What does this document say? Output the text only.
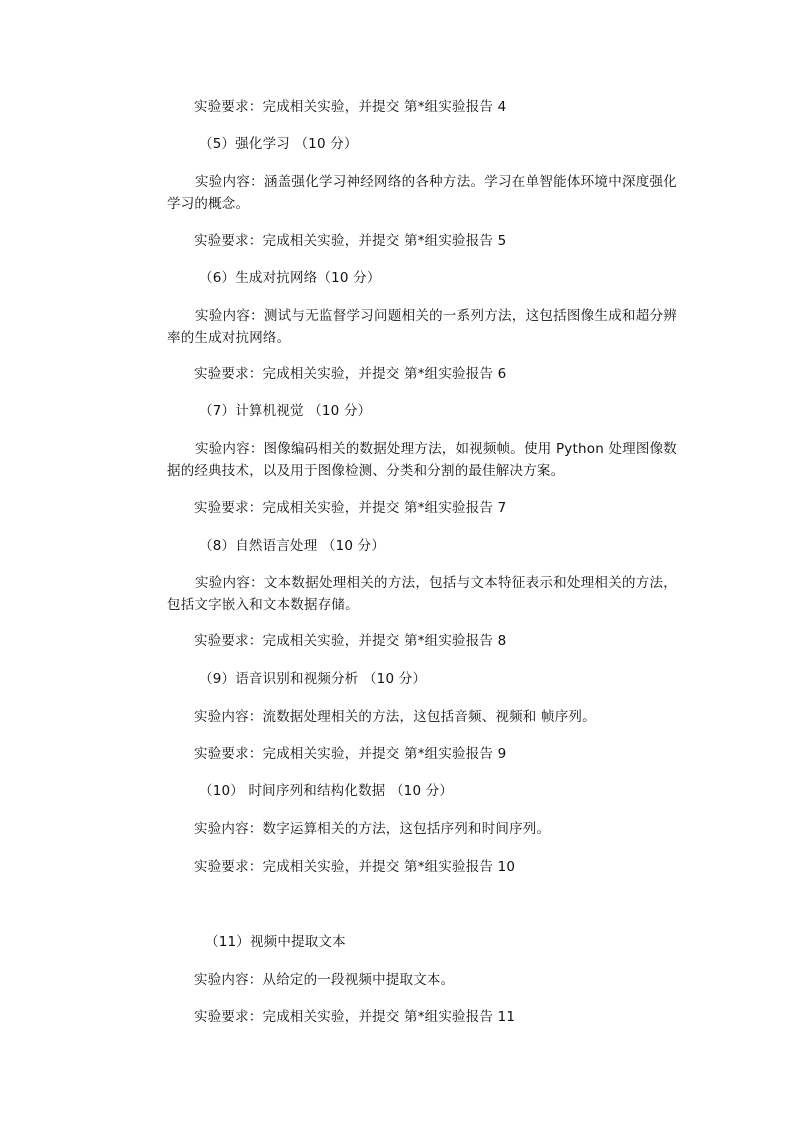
实验要求：完成相关实验，并提交 第*组实验报告 4
（5）强化学习 （10 分）
实验内容：涵盖强化学习神经网络的各种方法。学习在单智能体环境中深度强化学习的概念。
实验要求：完成相关实验，并提交 第*组实验报告 5
（6）生成对抗网络（10 分）
实验内容：测试与无监督学习问题相关的一系列方法，这包括图像生成和超分辨率的生成对抗网络。
实验要求：完成相关实验，并提交 第*组实验报告 6
（7）计算机视觉 （10 分）
实验内容：图像编码相关的数据处理方法，如视频帧。使用 Python 处理图像数据的经典技术，以及用于图像检测、分类和分割的最佳解决方案。
实验要求：完成相关实验，并提交 第*组实验报告 7
（8）自然语言处理 （10 分）
实验内容：文本数据处理相关的方法，包括与文本特征表示和处理相关的方法，包括文字嵌入和文本数据存储。
实验要求：完成相关实验，并提交 第*组实验报告 8
（9）语音识别和视频分析 （10 分）
实验内容：流数据处理相关的方法，这包括音频、视频和 帧序列。
实验要求：完成相关实验，并提交 第*组实验报告 9
（10） 时间序列和结构化数据 （10 分）
实验内容：数字运算相关的方法，这包括序列和时间序列。
实验要求：完成相关实验，并提交 第*组实验报告 10
（11）视频中提取文本
实验内容：从给定的一段视频中提取文本。
实验要求：完成相关实验，并提交 第*组实验报告 11
